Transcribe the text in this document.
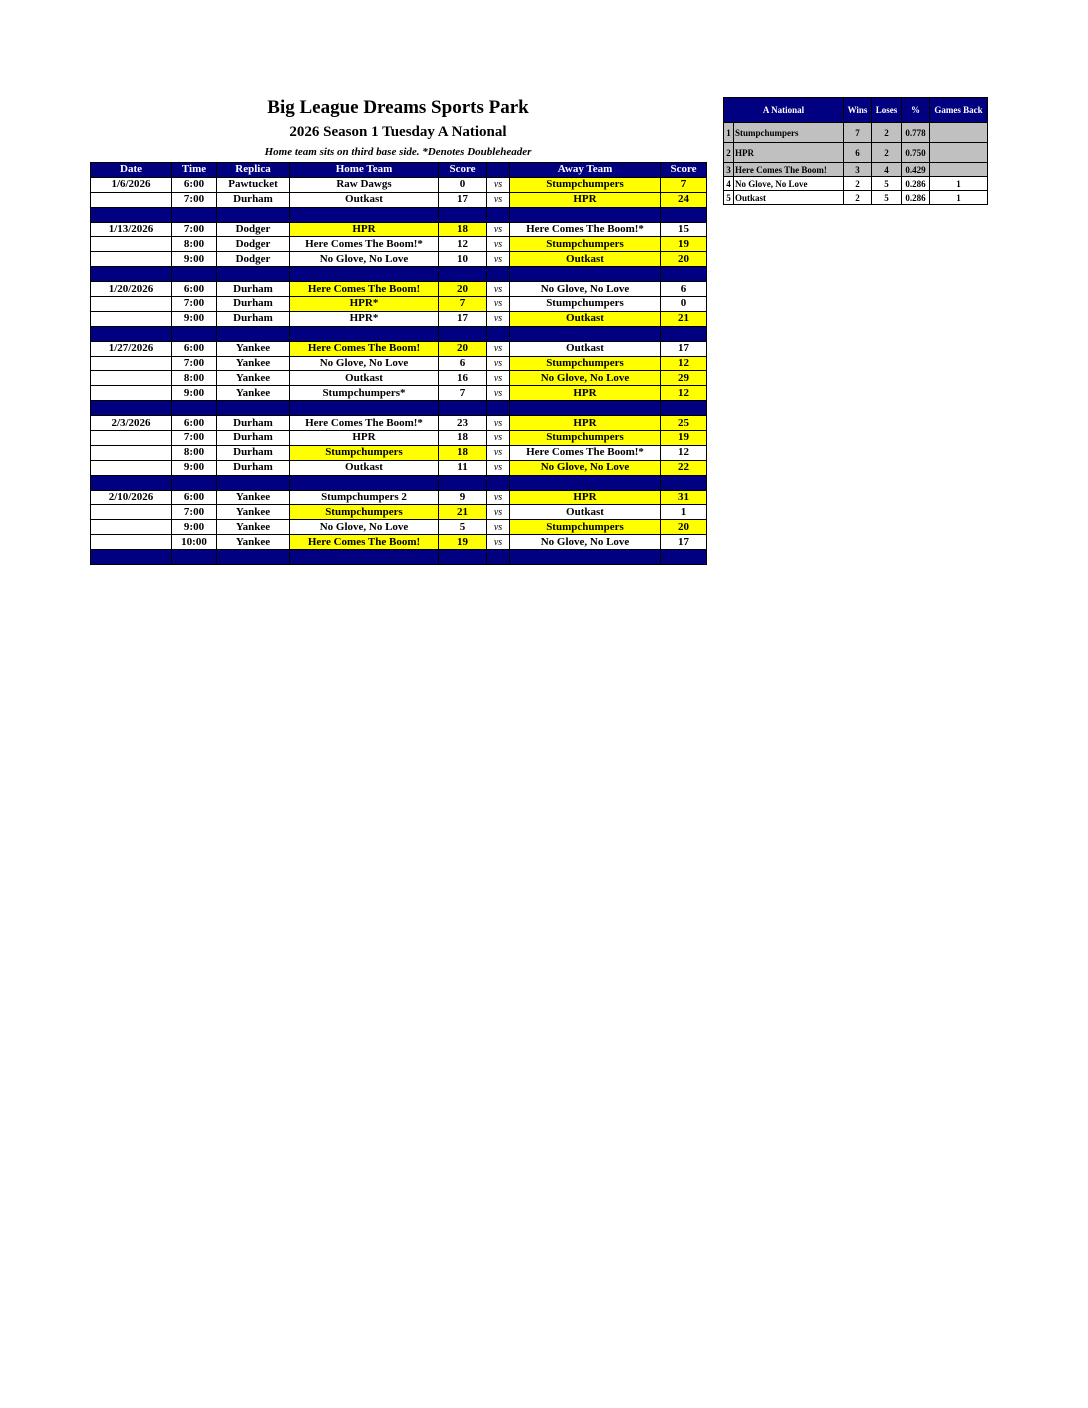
Big League Dreams Sports Park
2026 Season 1 Tuesday A National
Home team sits on third base side. *Denotes Doubleheader
Date	Time	Replica	Home Team	Score		Away Team	Score
1/6/2026	6:00	Pawtucket	Raw Dawgs	0	vs	Stumpchumpers	7
	7:00	Durham	Outkast	17	vs	HPR	24

1/13/2026	7:00	Dodger	HPR	18	vs	Here Comes The Boom!*	15
	8:00	Dodger	Here Comes The Boom!*	12	vs	Stumpchumpers	19
	9:00	Dodger	No Glove, No Love	10	vs	Outkast	20

1/20/2026	6:00	Durham	Here Comes The Boom!	20	vs	No Glove, No Love	6
	7:00	Durham	HPR*	7	vs	Stumpchumpers	0
	9:00	Durham	HPR*	17	vs	Outkast	21

1/27/2026	6:00	Yankee	Here Comes The Boom!	20	vs	Outkast	17
	7:00	Yankee	No Glove, No Love	6	vs	Stumpchumpers	12
	8:00	Yankee	Outkast	16	vs	No Glove, No Love	29
	9:00	Yankee	Stumpchumpers*	7	vs	HPR	12

2/3/2026	6:00	Durham	Here Comes The Boom!*	23	vs	HPR	25
	7:00	Durham	HPR	18	vs	Stumpchumpers	19
	8:00	Durham	Stumpchumpers	18	vs	Here Comes The Boom!*	12
	9:00	Durham	Outkast	11	vs	No Glove, No Love	22

2/10/2026	6:00	Yankee	Stumpchumpers 2	9	vs	HPR	31
	7:00	Yankee	Stumpchumpers	21	vs	Outkast	1
	9:00	Yankee	No Glove, No Love	5	vs	Stumpchumpers	20
	10:00	Yankee	Here Comes The Boom!	19	vs	No Glove, No Love	17

A National		Wins	Loses	%	Games Back
1	Stumpchumpers	7	2	0.778	
2	HPR	6	2	0.750	
3	Here Comes The Boom!	3	4	0.429	
4	No Glove, No Love	2	5	0.286	1
5	Outkast	2	5	0.286	1
